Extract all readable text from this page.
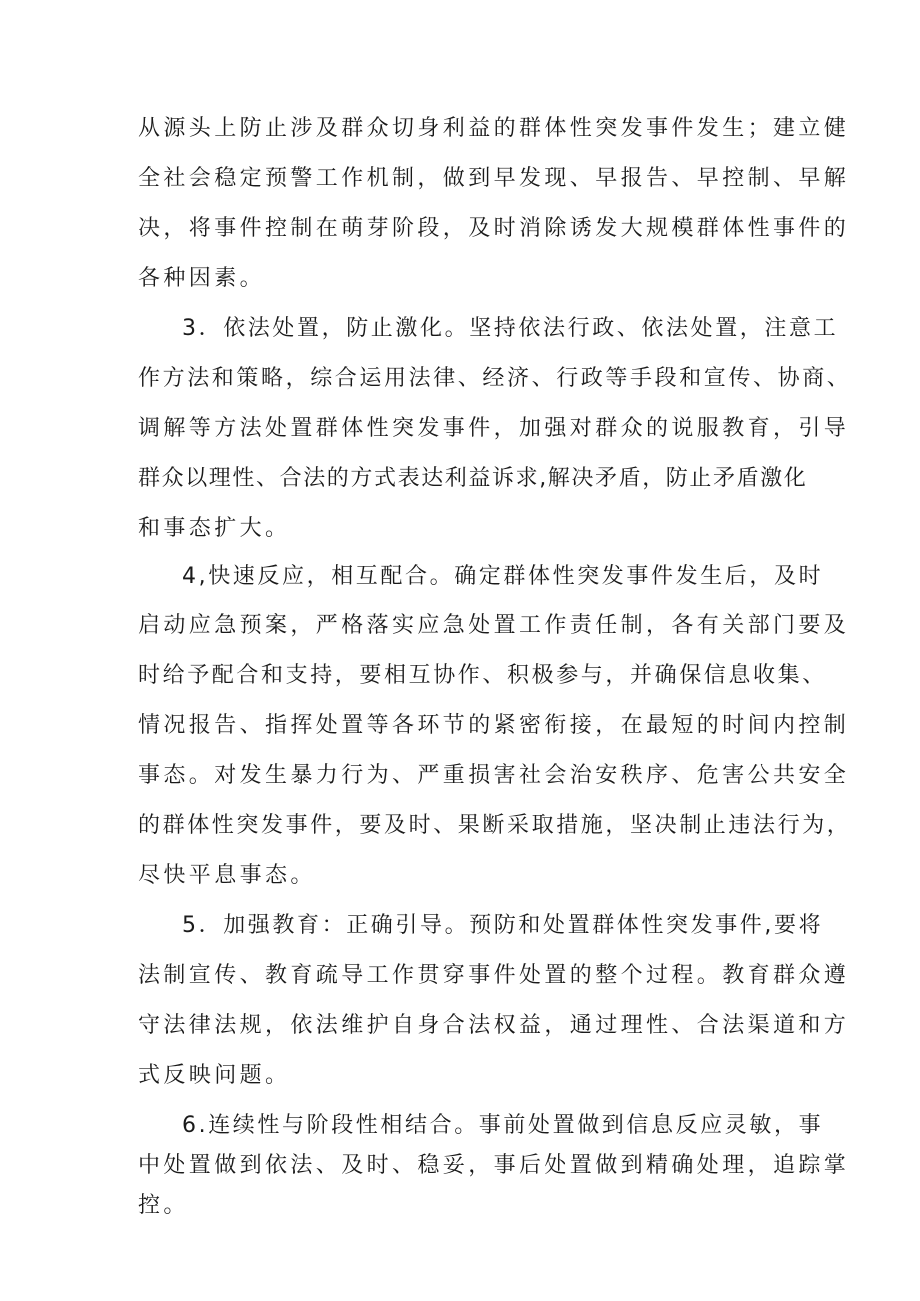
从源头上防止涉及群众切身利益的群体性突发事件发生；建立健
全社会稳定预警工作机制，做到早发现、早报告、早控制、早解
决，将事件控制在萌芽阶段，及时消除诱发大规模群体性事件的
各种因素。
3．依法处置，防止激化。坚持依法行政、依法处置，注意工
作方法和策略，综合运用法律、经济、行政等手段和宣传、协商、
调解等方法处置群体性突发事件，加强对群众的说服教育，引导
群众以理性、合法的方式表达利益诉求,解决矛盾，防止矛盾激化
和事态扩大。
4,快速反应，相互配合。确定群体性突发事件发生后，及时
启动应急预案，严格落实应急处置工作责任制，各有关部门要及
时给予配合和支持，要相互协作、积极参与，并确保信息收集、
情况报告、指挥处置等各环节的紧密衔接，在最短的时间内控制
事态。对发生暴力行为、严重损害社会治安秩序、危害公共安全
的群体性突发事件，要及时、果断采取措施，坚决制止违法行为，
尽快平息事态。
5．加强教育：正确引导。预防和处置群体性突发事件,要将
法制宣传、教育疏导工作贯穿事件处置的整个过程。教育群众遵
守法律法规，依法维护自身合法权益，通过理性、合法渠道和方
式反映问题。
6.连续性与阶段性相结合。事前处置做到信息反应灵敏，事
中处置做到依法、及时、稳妥，事后处置做到精确处理，追踪掌
控。
